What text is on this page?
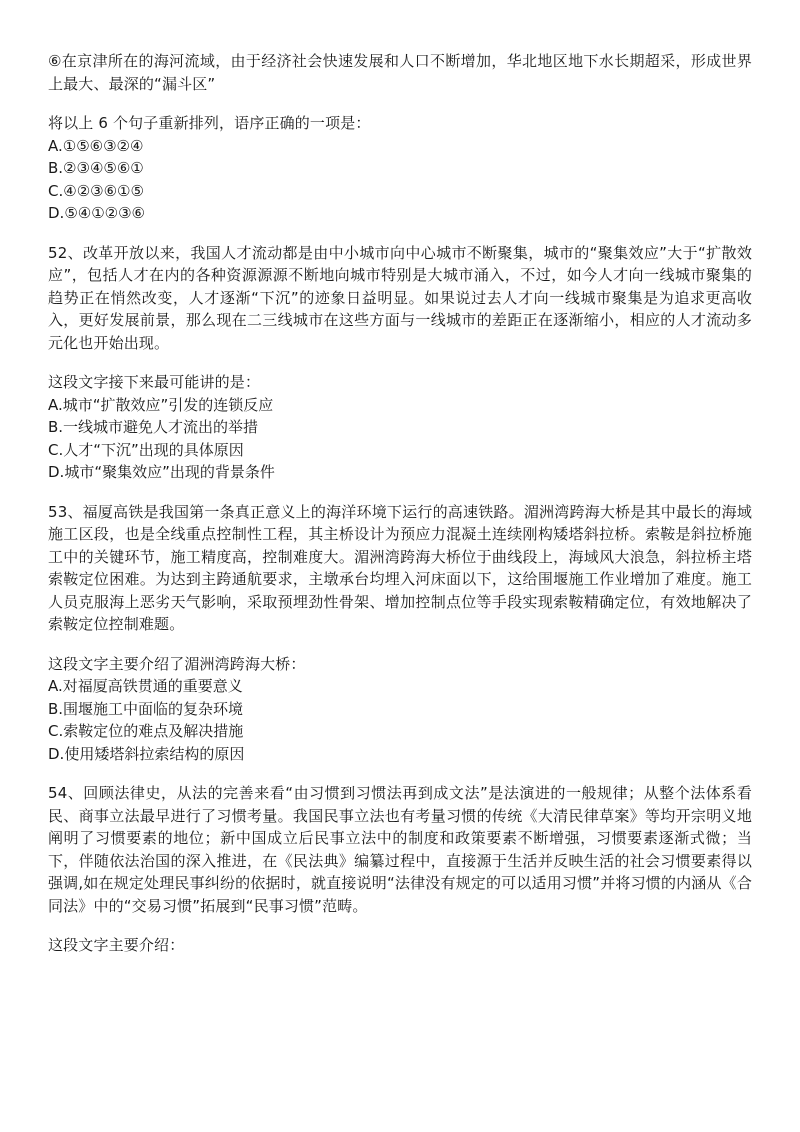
⑥在京津所在的海河流域，由于经济社会快速发展和人口不断增加，华北地区地下水长期超采，形成世界上最大、最深的“漏斗区”

将以上 6 个句子重新排列，语序正确的一项是：

A.①⑤⑥③②④

B.②③④⑤⑥①

C.④②③⑥①⑤

D.⑤④①②③⑥

52、改革开放以来，我国人才流动都是由中小城市向中心城市不断聚集，城市的“聚集效应”大于“扩散效应”，包括人才在内的各种资源源源不断地向城市特别是大城市涌入，不过，如今人才向一线城市聚集的趋势正在悄然改变，人才逐渐“下沉”的迹象日益明显。如果说过去人才向一线城市聚集是为追求更高收入，更好发展前景，那么现在二三线城市在这些方面与一线城市的差距正在逐渐缩小，相应的人才流动多元化也开始出现。

这段文字接下来最可能讲的是：

A.城市“扩散效应”引发的连锁反应

B.一线城市避免人才流出的举措

C.人才“下沉”出现的具体原因

D.城市“聚集效应”出现的背景条件

53、福厦高铁是我国第一条真正意义上的海洋环境下运行的高速铁路。湄洲湾跨海大桥是其中最长的海域施工区段，也是全线重点控制性工程，其主桥设计为预应力混凝土连续刚构矮塔斜拉桥。索鞍是斜拉桥施工中的关键环节，施工精度高，控制难度大。湄洲湾跨海大桥位于曲线段上，海域风大浪急，斜拉桥主塔索鞍定位困难。为达到主跨通航要求，主墩承台均埋入河床面以下，这给围堰施工作业增加了难度。施工人员克服海上恶劣天气影响，采取预埋劲性骨架、增加控制点位等手段实现索鞍精确定位，有效地解决了索鞍定位控制难题。

这段文字主要介绍了湄洲湾跨海大桥：

A.对福厦高铁贯通的重要意义

B.围堰施工中面临的复杂环境

C.索鞍定位的难点及解决措施

D.使用矮塔斜拉索结构的原因

54、回顾法律史，从法的完善来看“由习惯到习惯法再到成文法”是法演进的一般规律；从整个法体系看民、商事立法最早进行了习惯考量。我国民事立法也有考量习惯的传统《大清民律草案》等均开宗明义地阐明了习惯要素的地位；新中国成立后民事立法中的制度和政策要素不断增强，习惯要素逐渐式微；当下，伴随依法治国的深入推进，在《民法典》编纂过程中，直接源于生活并反映生活的社会习惯要素得以强调,如在规定处理民事纠纷的依据时，就直接说明“法律没有规定的可以适用习惯”并将习惯的内涵从《合同法》中的“交易习惯”拓展到“民事习惯”范畴。

这段文字主要介绍：
